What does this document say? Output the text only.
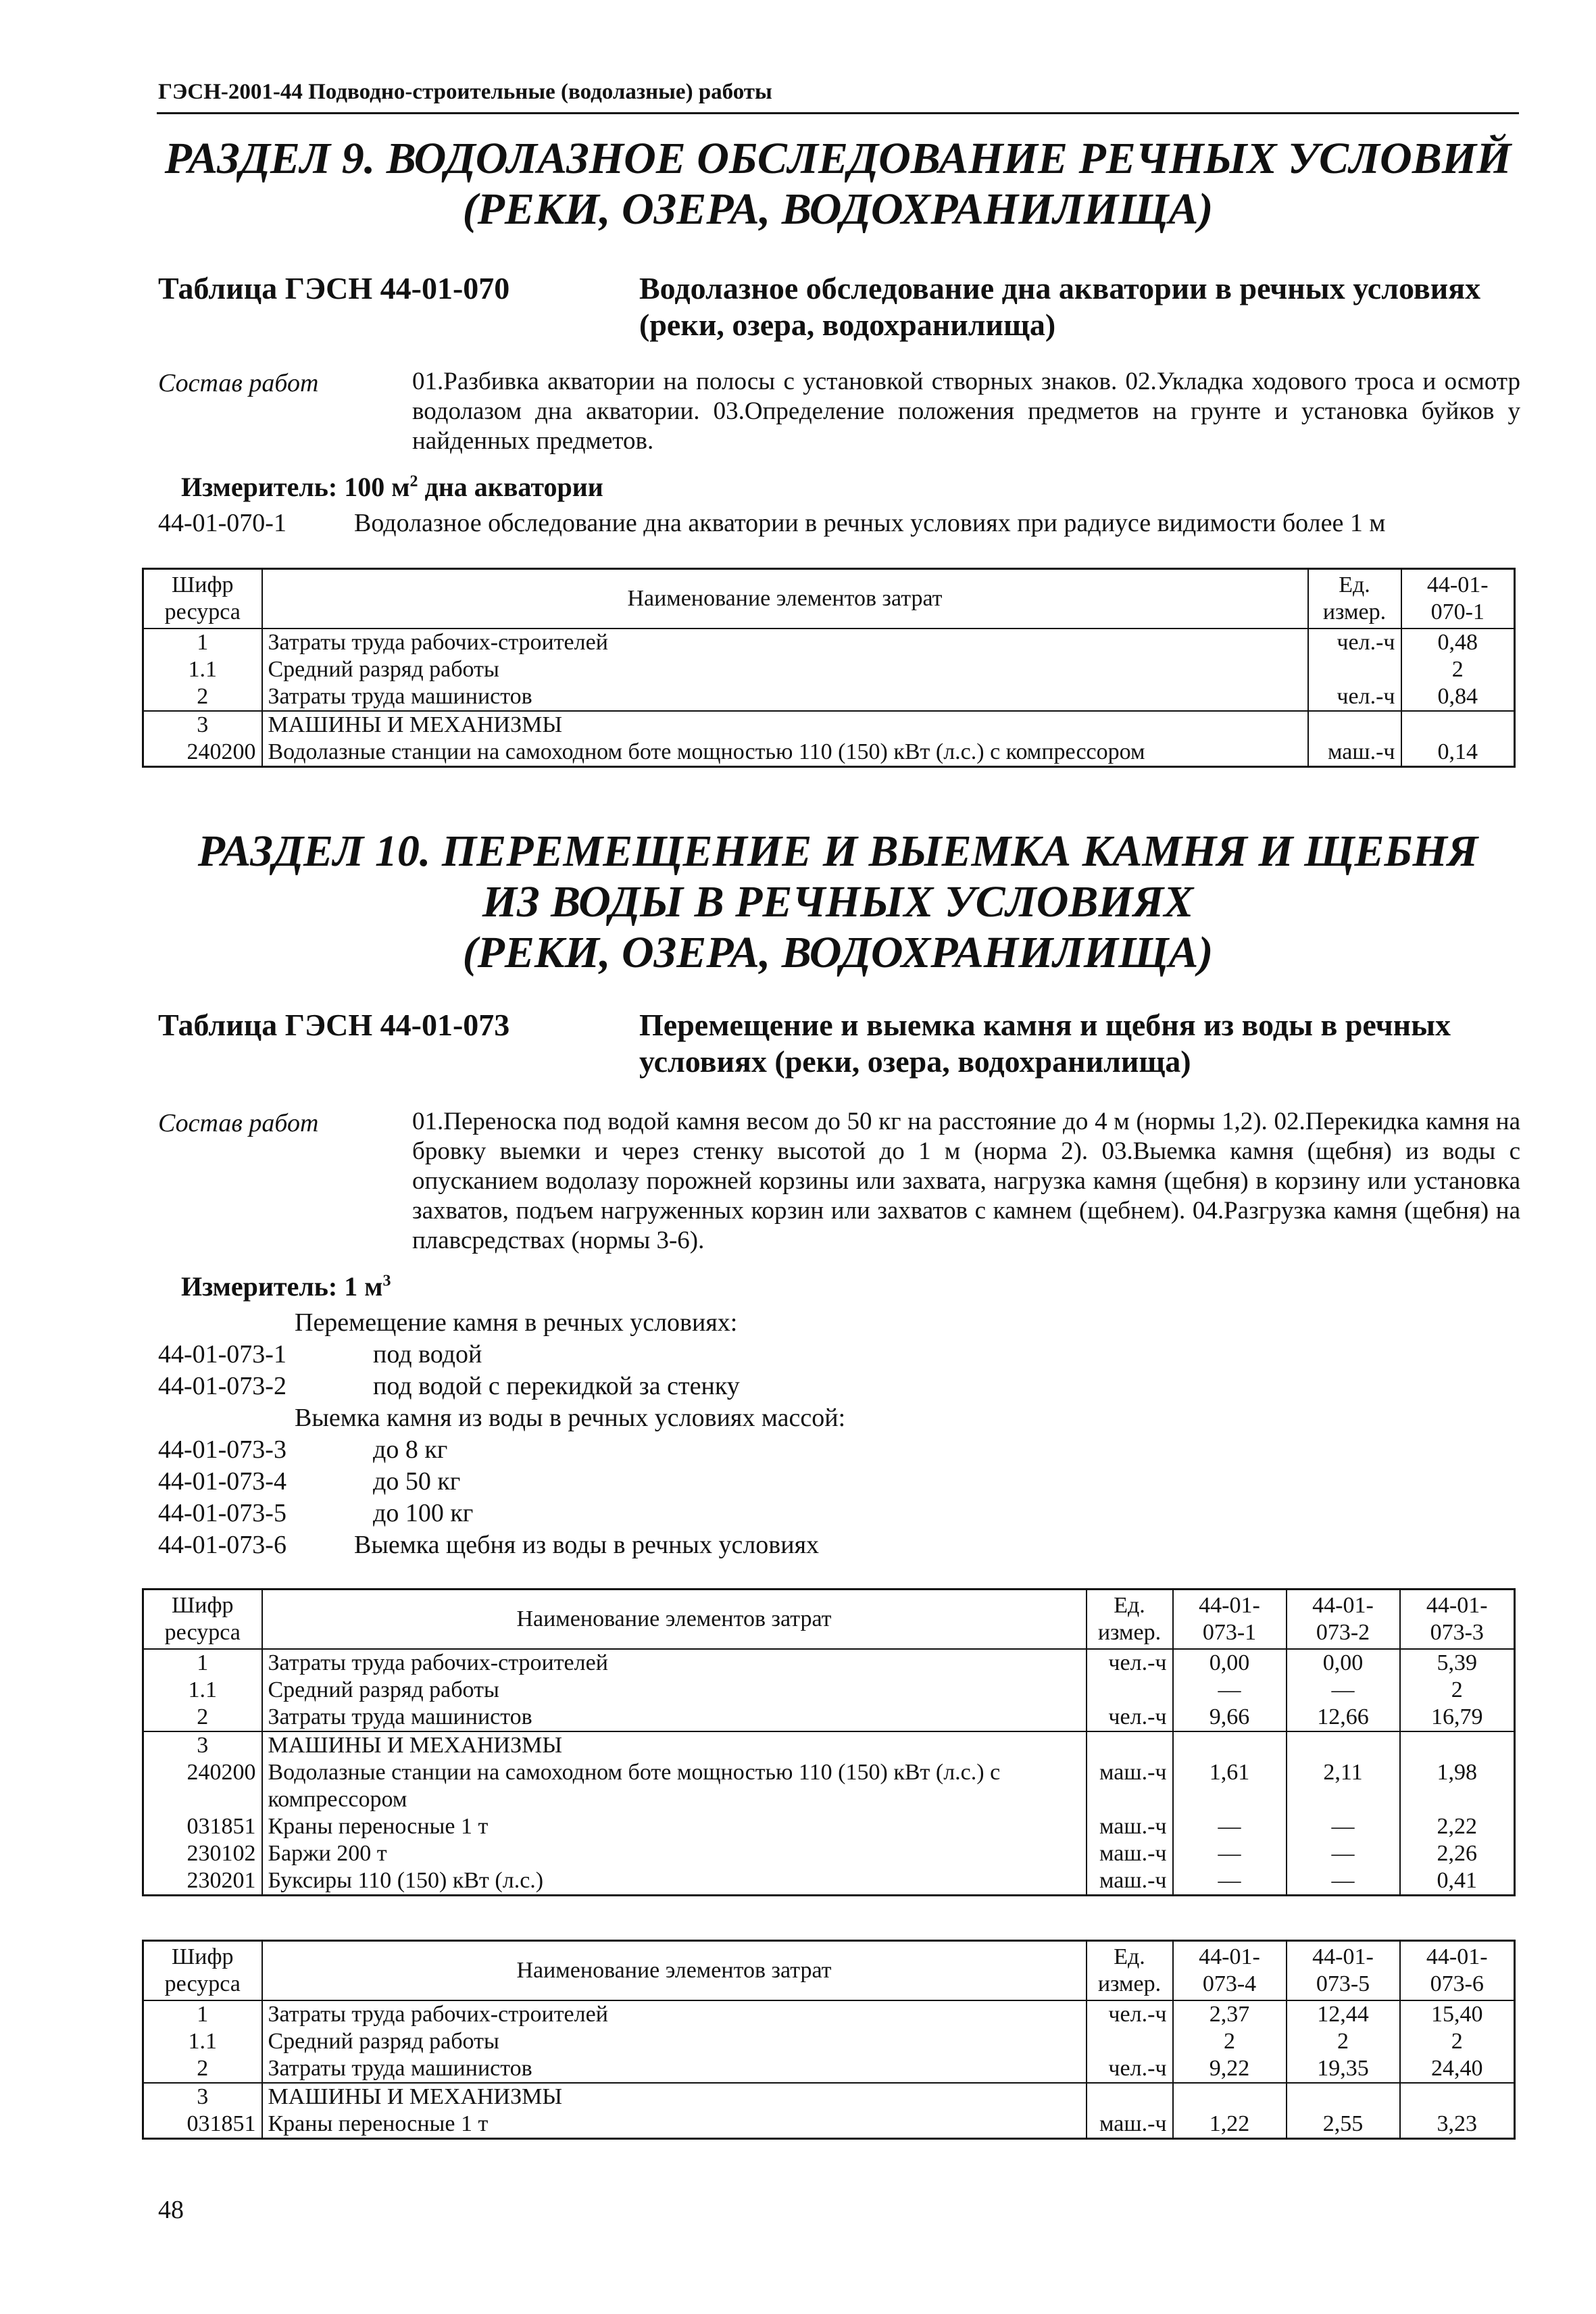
ГЭСН-2001-44 Подводно-строительные (водолазные) работы
РАЗДЕЛ 9. ВОДОЛАЗНОЕ ОБСЛЕДОВАНИЕ РЕЧНЫХ УСЛОВИЙ
(РЕКИ, ОЗЕРА, ВОДОХРАНИЛИЩА)
Таблица ГЭСН 44-01-070	Водолазное обследование дна акватории в речных условиях (реки, озера, водохранилища)
Состав работ	01.Разбивка акватории на полосы с установкой створных знаков. 02.Укладка ходового троса и осмотр водолазом дна акватории. 03.Определение положения предметов на грунте и установка буйков у найденных предметов.
Измеритель: 100 $м^2$ дна акватории
44-01-070-1	Водолазное обследование дна акватории в речных условиях при радиусе видимости более 1 м
Шифр ресурса	Наименование элементов затрат	Ед. измер.	44-01-070-1
1	Затраты труда рабочих-строителей	чел.-ч	0,48
1.1	Средний разряд работы		2
2	Затраты труда машинистов	чел.-ч	0,84
3	МАШИНЫ И МЕХАНИЗМЫ		
240200	Водолазные станции на самоходном боте мощностью 110 (150) кВт (л.с.) с компрессором	маш.-ч	0,14
РАЗДЕЛ 10. ПЕРЕМЕЩЕНИЕ И ВЫЕМКА КАМНЯ И ЩЕБНЯ
ИЗ ВОДЫ В РЕЧНЫХ УСЛОВИЯХ
(РЕКИ, ОЗЕРА, ВОДОХРАНИЛИЩА)
Таблица ГЭСН 44-01-073	Перемещение и выемка камня и щебня из воды в речных условиях (реки, озера, водохранилища)
Состав работ	01.Переноска под водой камня весом до 50 кг на расстояние до 4 м (нормы 1,2). 02.Перекидка камня на бровку выемки и через стенку высотой до 1 м (норма 2). 03.Выемка камня (щебня) из воды с опусканием водолазу порожней корзины или захвата, нагрузка камня (щебня) в корзину или установка захватов, подъем нагруженных корзин или захватов с камнем (щебнем). 04.Разгрузка камня (щебня) на плавсредствах (нормы 3-6).
Измеритель: 1 $м^3$
Перемещение камня в речных условиях:
44-01-073-1	под водой
44-01-073-2	под водой с перекидкой за стенку
Выемка камня из воды в речных условиях массой:
44-01-073-3	до 8 кг
44-01-073-4	до 50 кг
44-01-073-5	до 100 кг
44-01-073-6	Выемка щебня из воды в речных условиях
Шифр ресурса	Наименование элементов затрат	Ед. измер.	44-01-073-1	44-01-073-2	44-01-073-3
1	Затраты труда рабочих-строителей	чел.-ч	0,00	0,00	5,39
1.1	Средний разряд работы		—	—	2
2	Затраты труда машинистов	чел.-ч	9,66	12,66	16,79
3	МАШИНЫ И МЕХАНИЗМЫ				
240200	Водолазные станции на самоходном боте мощностью 110 (150) кВт (л.с.) с компрессором	маш.-ч	1,61	2,11	1,98
031851	Краны переносные 1 т	маш.-ч	—	—	2,22
230102	Баржи 200 т	маш.-ч	—	—	2,26
230201	Буксиры 110 (150) кВт (л.с.)	маш.-ч	—	—	0,41
Шифр ресурса	Наименование элементов затрат	Ед. измер.	44-01-073-4	44-01-073-5	44-01-073-6
1	Затраты труда рабочих-строителей	чел.-ч	2,37	12,44	15,40
1.1	Средний разряд работы		2	2	2
2	Затраты труда машинистов	чел.-ч	9,22	19,35	24,40
3	МАШИНЫ И МЕХАНИЗМЫ				
031851	Краны переносные 1 т	маш.-ч	1,22	2,55	3,23
48
